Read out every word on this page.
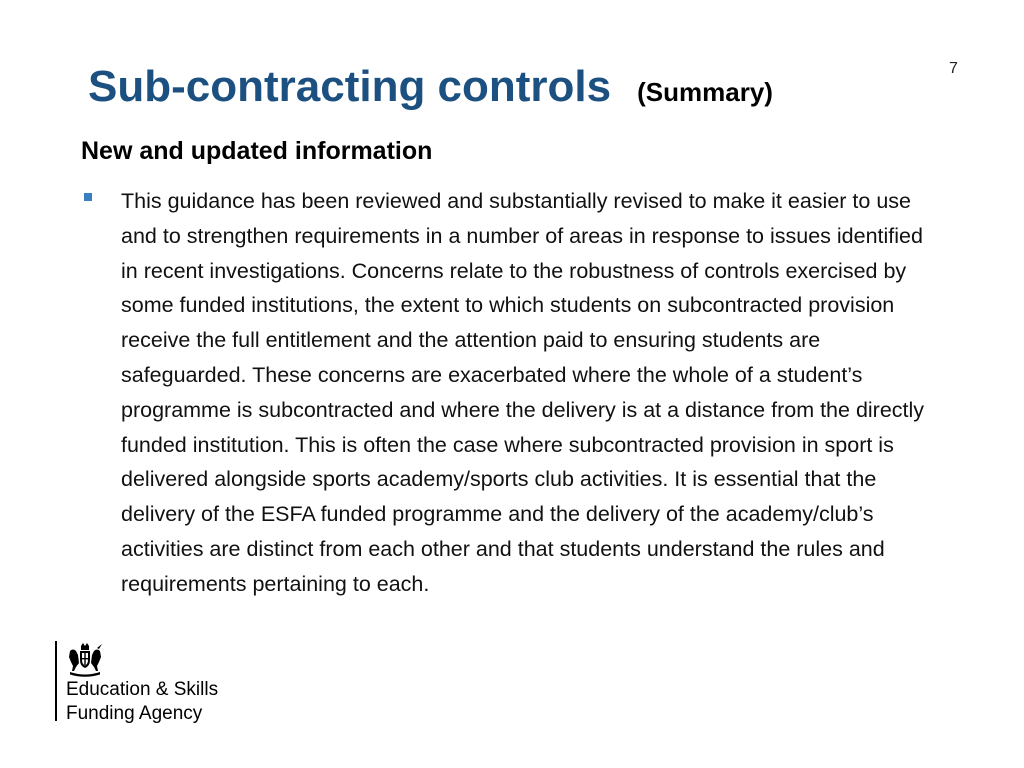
7
Sub-contracting controls (Summary)
New and updated information
This guidance has been reviewed and substantially revised to make it easier to use and to strengthen requirements in a number of areas in response to issues identified in recent investigations. Concerns relate to the robustness of controls exercised by some funded institutions, the extent to which students on subcontracted provision receive the full entitlement and the attention paid to ensuring students are safeguarded. These concerns are exacerbated where the whole of a student’s programme is subcontracted and where the delivery is at a distance from the directly funded institution. This is often the case where subcontracted provision in sport is delivered alongside sports academy/sports club activities. It is essential that the delivery of the ESFA funded programme and the delivery of the academy/club’s activities are distinct from each other and that students understand the rules and requirements pertaining to each.
Education & Skills
Funding Agency
